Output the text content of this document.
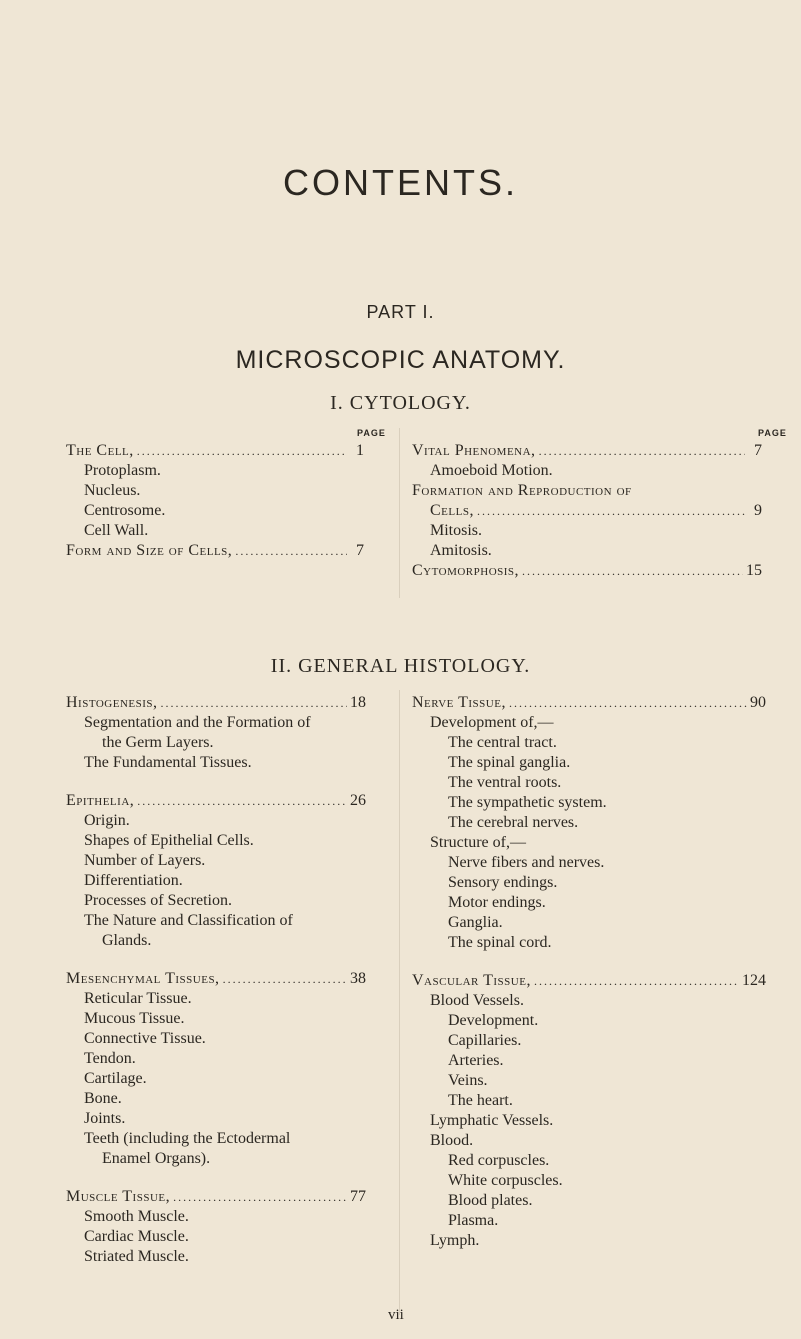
CONTENTS.
PART I.
MICROSCOPIC ANATOMY.
I. CYTOLOGY.
II. GENERAL HISTOLOGY.
PAGE	PAGE
The Cell, .....	1
Protoplasm.
Nucleus.
Centrosome.
Cell Wall.
Form and Size of Cells, .....	7
Vital Phenomena, .....	7
Amoeboid Motion.
Formation and Reproduction of
Cells, .....	9
Mitosis.
Amitosis.
Cytomorphosis, .....	15
Histogenesis, .....	18
Segmentation and the Formation of
the Germ Layers.
The Fundamental Tissues.
Epithelia, .....	26
Origin.
Shapes of Epithelial Cells.
Number of Layers.
Differentiation.
Processes of Secretion.
The Nature and Classification of
Glands.
Mesenchymal Tissues, .....	38
Reticular Tissue.
Mucous Tissue.
Connective Tissue.
Tendon.
Cartilage.
Bone.
Joints.
Teeth (including the Ectodermal
Enamel Organs).
Muscle Tissue, .....	77
Smooth Muscle.
Cardiac Muscle.
Striated Muscle.
Nerve Tissue, .....	90
Development of,—
The central tract.
The spinal ganglia.
The ventral roots.
The sympathetic system.
The cerebral nerves.
Structure of,—
Nerve fibers and nerves.
Sensory endings.
Motor endings.
Ganglia.
The spinal cord.
Vascular Tissue, .....	124
Blood Vessels.
Development.
Capillaries.
Arteries.
Veins.
The heart.
Lymphatic Vessels.
Blood.
Red corpuscles.
White corpuscles.
Blood plates.
Plasma.
Lymph.
vii
